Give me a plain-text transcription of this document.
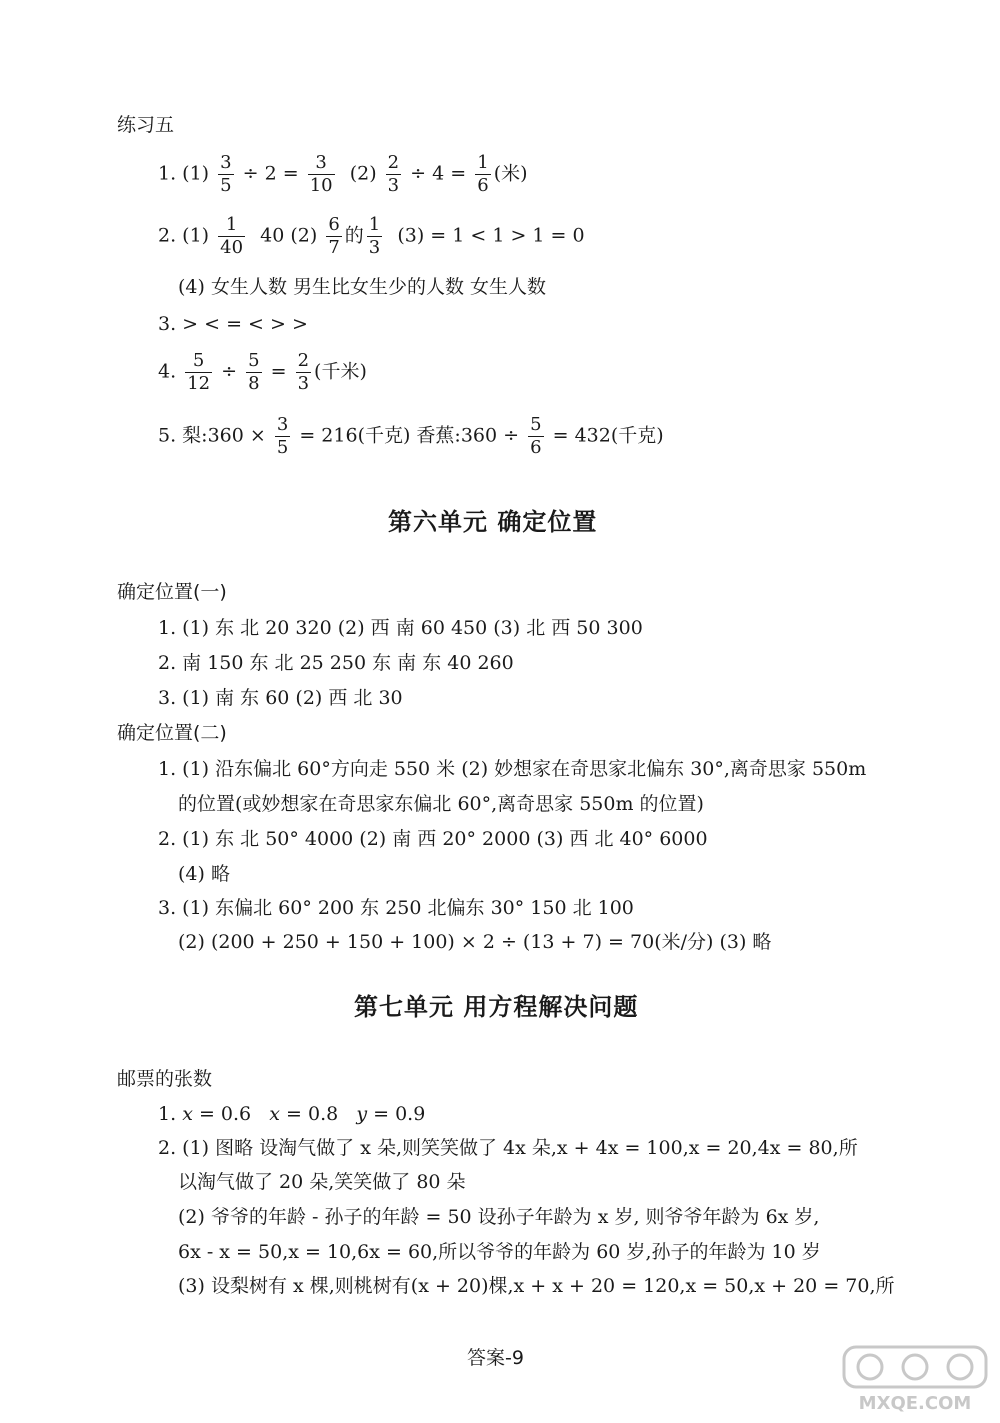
练习五
1. $(1) \frac{3}{5} \div 2 = \frac{3}{10} (2) \frac{2}{3} \div 4 = \frac{1}{6}$ (米)
2. $(1) \frac{1}{40} 40$ $(2) \frac{6}{7}$ 的 $\frac{1}{3} (3) = 1 < 1 > 1 = 0$
(4) 女生人数 男生比女生少的人数 女生人数
3. > < = < > >
4. $\frac{5}{12} \div \frac{5}{8} = \frac{2}{3}$ (千米)
5. 梨:360 × $\frac{3}{5} = 216$(千克) 香蕉:360 ÷ $\frac{5}{6} = 432$(千克)
第六单元 确定位置
确定位置(一)
1. (1) 东 北 20 320 (2) 西 南 60 450 (3) 北 西 50 300
2. 南 150 东 北 25 250 东 南 东 40 260
3. (1) 南 东 60 (2) 西 北 30
确定位置(二)
1. (1) 沿东偏北 60°方向走 550 米 (2) 妙想家在奇思家北偏东 30°,离奇思家 550m
的位置(或妙想家在奇思家东偏北 60°,离奇思家 550m 的位置)
2. (1) 东 北 50° 4000 (2) 南 西 20° 2000 (3) 西 北 40° 6000
(4) 略
3. (1) 东偏北 60° 200 东 250 北偏东 30° 150 北 100
(2) (200 + 250 + 150 + 100) × 2 ÷ (13 + 7) = 70(米/分) (3) 略
第七单元 用方程解决问题
邮票的张数
1. x = 0.6 x = 0.8 y = 0.9
2. (1) 图略 设淘气做了 x 朵,则笑笑做了 4x 朵,x + 4x = 100,x = 20,4x = 80,所
以淘气做了 20 朵,笑笑做了 80 朵
(2) 爷爷的年龄 - 孙子的年龄 = 50 设孙子年龄为 x 岁, 则爷爷年龄为 6x 岁,
6x - x = 50,x = 10,6x = 60,所以爷爷的年龄为 60 岁,孙子的年龄为 10 岁
(3) 设梨树有 x 棵,则桃树有(x + 20)棵,x + x + 20 = 120,x = 50,x + 20 = 70,所
答案-9
MXQE.COM
